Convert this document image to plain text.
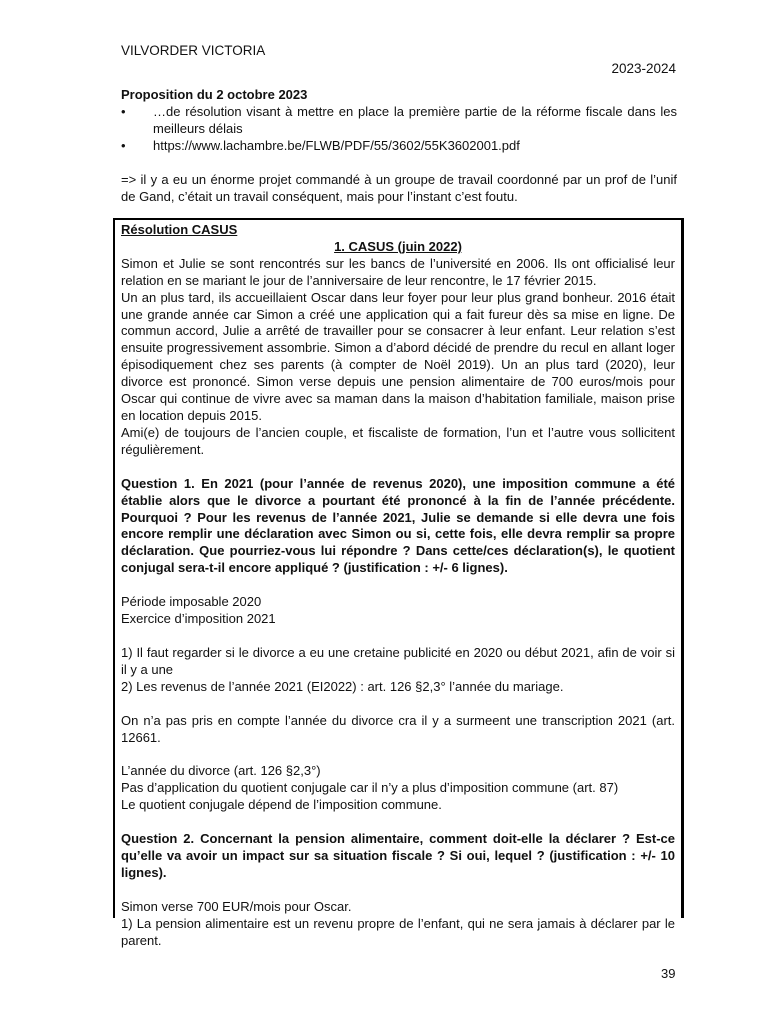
VILVORDER VICTORIA
2023-2024
Proposition du 2 octobre 2023
• …de résolution visant à mettre en place la première partie de la réforme fiscale dans les meilleurs délais
• https://www.lachambre.be/FLWB/PDF/55/3602/55K3602001.pdf
=> il y a eu un énorme projet commandé à un groupe de travail coordonné par un prof de l’unif de Gand, c’était un travail conséquent, mais pour l’instant c’est foutu.

Résolution CASUS

1. CASUS (juin 2022)

Simon et Julie se sont rencontrés sur les bancs de l’université en 2006. Ils ont officialisé leur relation en se mariant le jour de l’anniversaire de leur rencontre, le 17 février 2015.

Un an plus tard, ils accueillaient Oscar dans leur foyer pour leur plus grand bonheur. 2016 était une grande année car Simon a créé une application qui a fait fureur dès sa mise en ligne. De commun accord, Julie a arrêté de travailler pour se consacrer à leur enfant. Leur relation s’est ensuite progressivement assombrie. Simon a d’abord décidé de prendre du recul en allant loger épisodiquement chez ses parents (à compter de Noël 2019). Un an plus tard (2020), leur divorce est prononcé. Simon verse depuis une pension alimentaire de 700 euros/mois pour Oscar qui continue de vivre avec sa maman dans la maison d’habitation familiale, maison prise en location depuis 2015.

Ami(e) de toujours de l’ancien couple, et fiscaliste de formation, l’un et l’autre vous sollicitent régulièrement.

Question 1. En 2021 (pour l’année de revenus 2020), une imposition commune a été établie alors que le divorce a pourtant été prononcé à la fin de l’année précédente. Pourquoi ? Pour les revenus de l’année 2021, Julie se demande si elle devra une fois encore remplir une déclaration avec Simon ou si, cette fois, elle devra remplir sa propre déclaration. Que pourriez-vous lui répondre ? Dans cette/ces déclaration(s), le quotient conjugal sera-t-il encore appliqué ? (justification : +/- 6 lignes).

Période imposable 2020

Exercice d’imposition 2021

1) Il faut regarder si le divorce a eu une cretaine publicité en 2020 ou début 2021, afin de voir si il y a une

2) Les revenus de l’année 2021 (EI2022) : art. 126 §2,3° l’année du mariage.

On n’a pas pris en compte l’année du divorce cra il y a surmeent une transcription 2021 (art. 12661.

L’année du divorce (art. 126 §2,3°)

Pas d’application du quotient conjugale car il n’y a plus d’imposition commune (art. 87)

Le quotient conjugale dépend de l’imposition commune.

Question 2. Concernant la pension alimentaire, comment doit-elle la déclarer ? Est-ce qu’elle va avoir un impact sur sa situation fiscale ? Si oui, lequel ? (justification : +/- 10 lignes).

Simon verse 700 EUR/mois pour Oscar.

1) La pension alimentaire est un revenu propre de l’enfant, qui ne sera jamais à déclarer par le parent.

39
